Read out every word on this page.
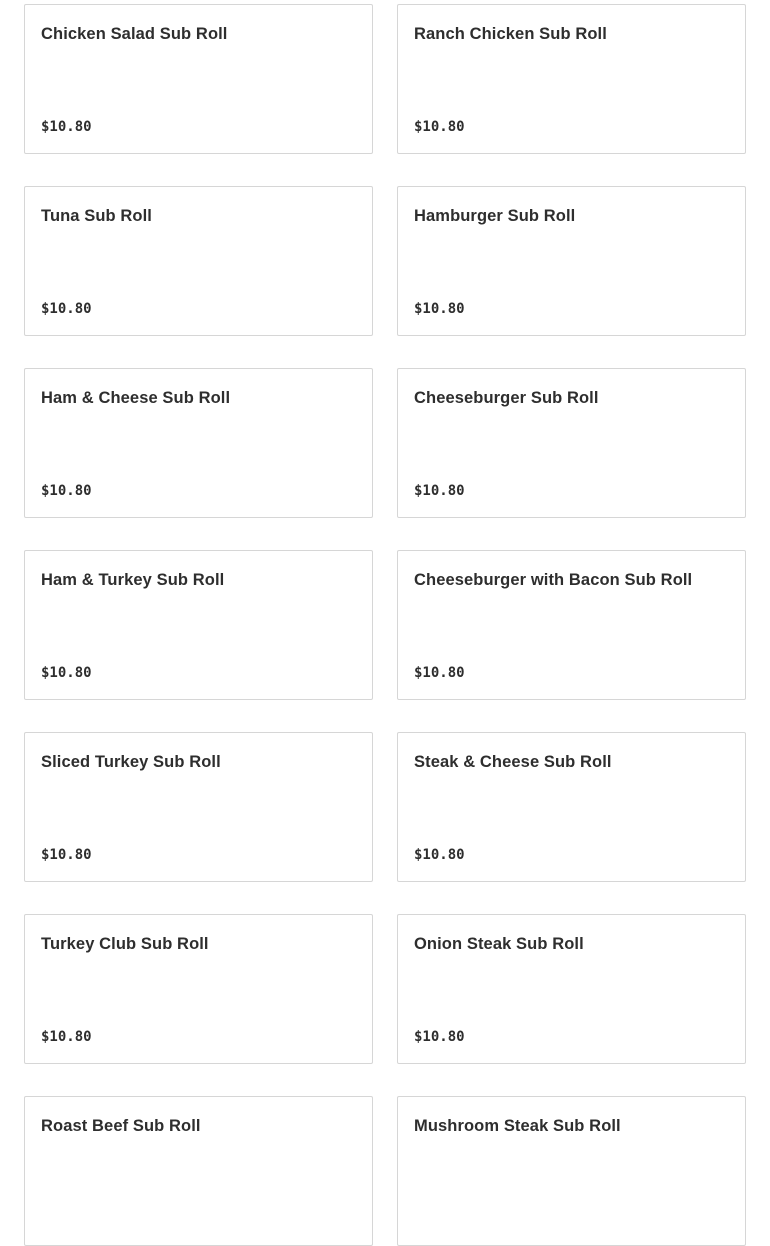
Chicken Salad Sub Roll
$10.80
Ranch Chicken Sub Roll
$10.80
Tuna Sub Roll
$10.80
Hamburger Sub Roll
$10.80
Ham & Cheese Sub Roll
$10.80
Cheeseburger Sub Roll
$10.80
Ham & Turkey Sub Roll
$10.80
Cheeseburger with Bacon Sub Roll
$10.80
Sliced Turkey Sub Roll
$10.80
Steak & Cheese Sub Roll
$10.80
Turkey Club Sub Roll
$10.80
Onion Steak Sub Roll
$10.80
Roast Beef Sub Roll	Mushroom Steak Sub Roll
